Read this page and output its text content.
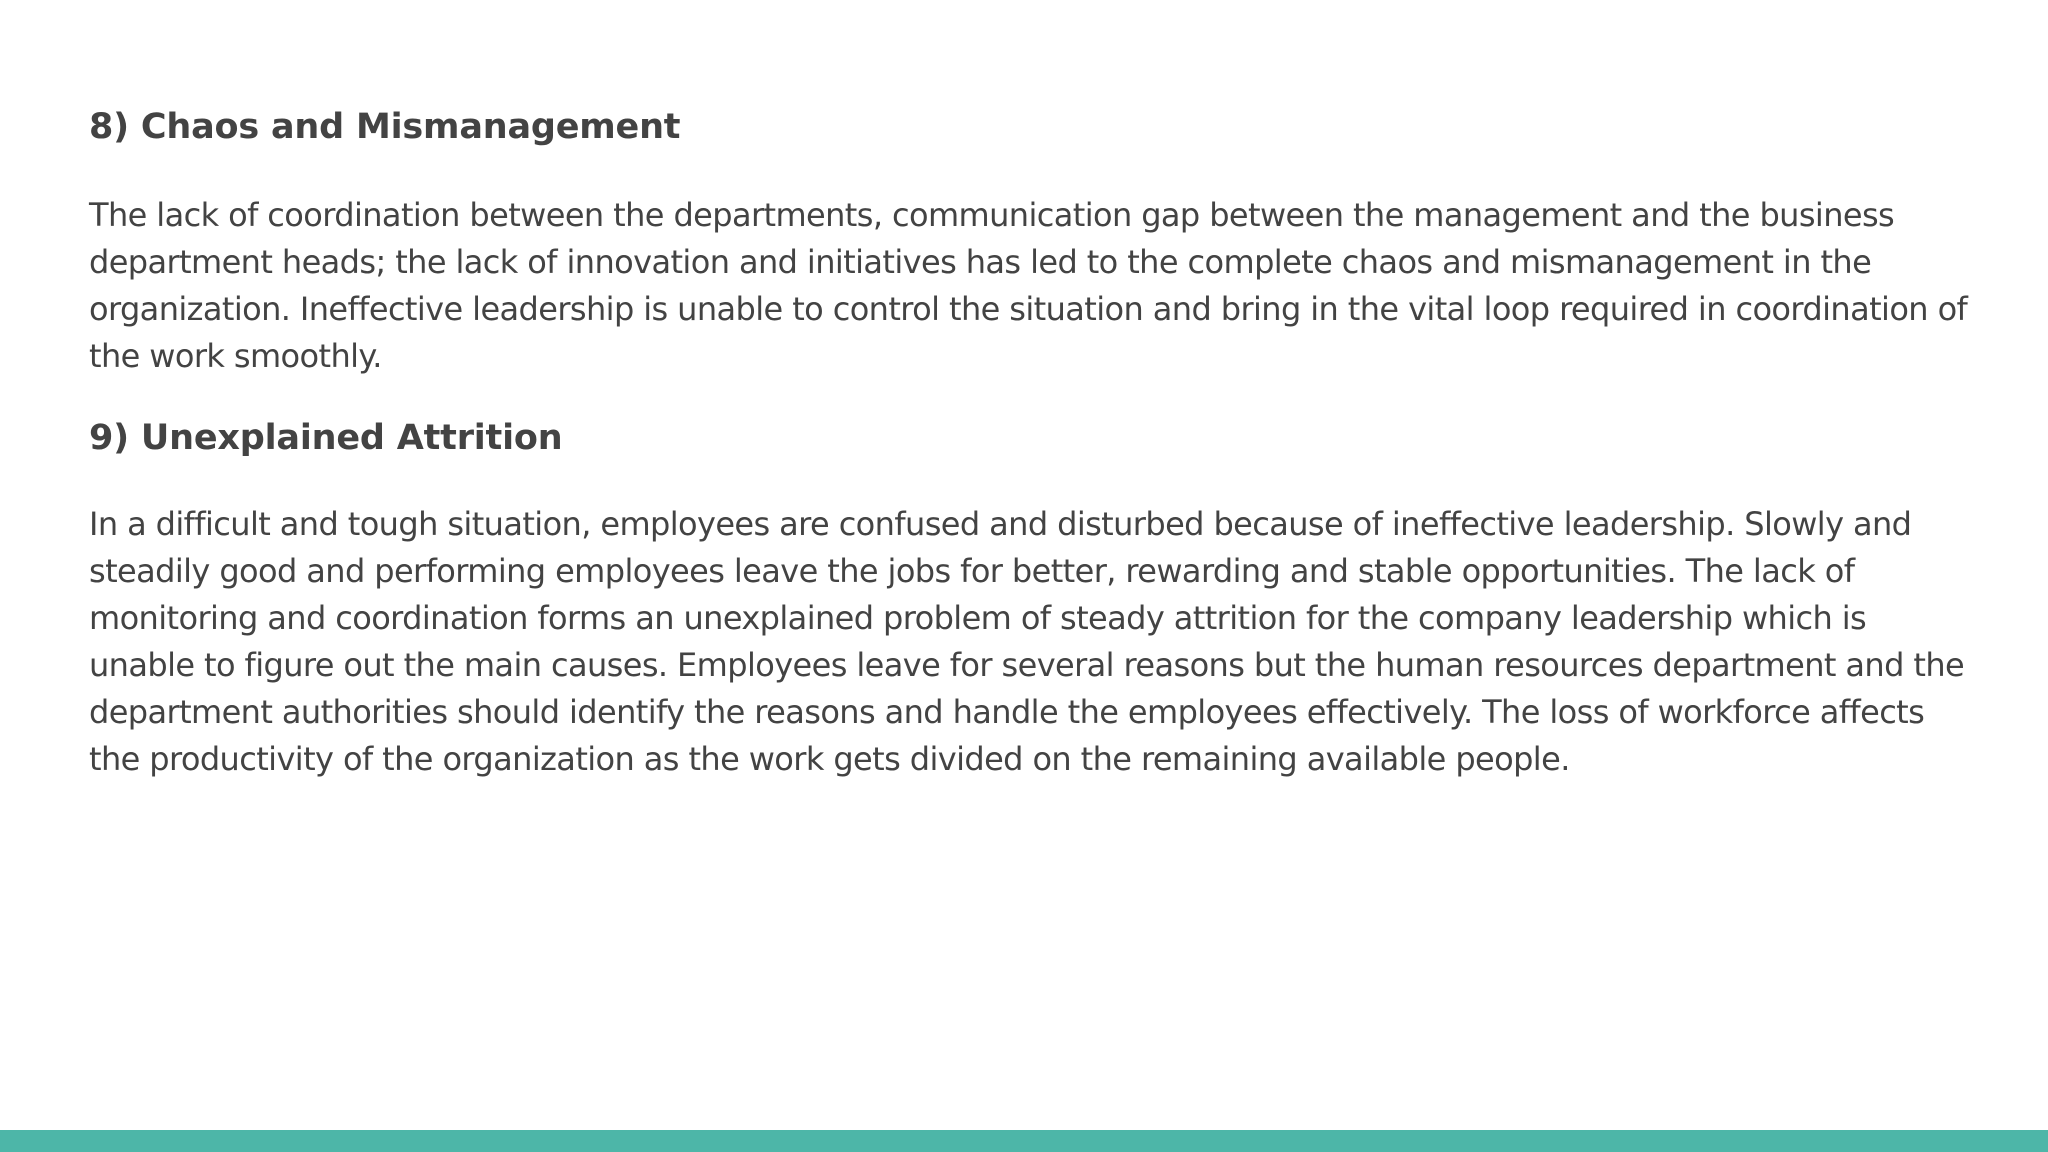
8) Chaos and Mismanagement

The lack of coordination between the departments, communication gap between the management and the business department heads; the lack of innovation and initiatives has led to the complete chaos and mismanagement in the organization. Ineffective leadership is unable to control the situation and bring in the vital loop required in coordination of the work smoothly.

9) Unexplained Attrition

In a difficult and tough situation, employees are confused and disturbed because of ineffective leadership. Slowly and steadily good and performing employees leave the jobs for better, rewarding and stable opportunities. The lack of monitoring and coordination forms an unexplained problem of steady attrition for the company leadership which is unable to figure out the main causes. Employees leave for several reasons but the human resources department and the department authorities should identify the reasons and handle the employees effectively. The loss of workforce affects the productivity of the organization as the work gets divided on the remaining available people.
